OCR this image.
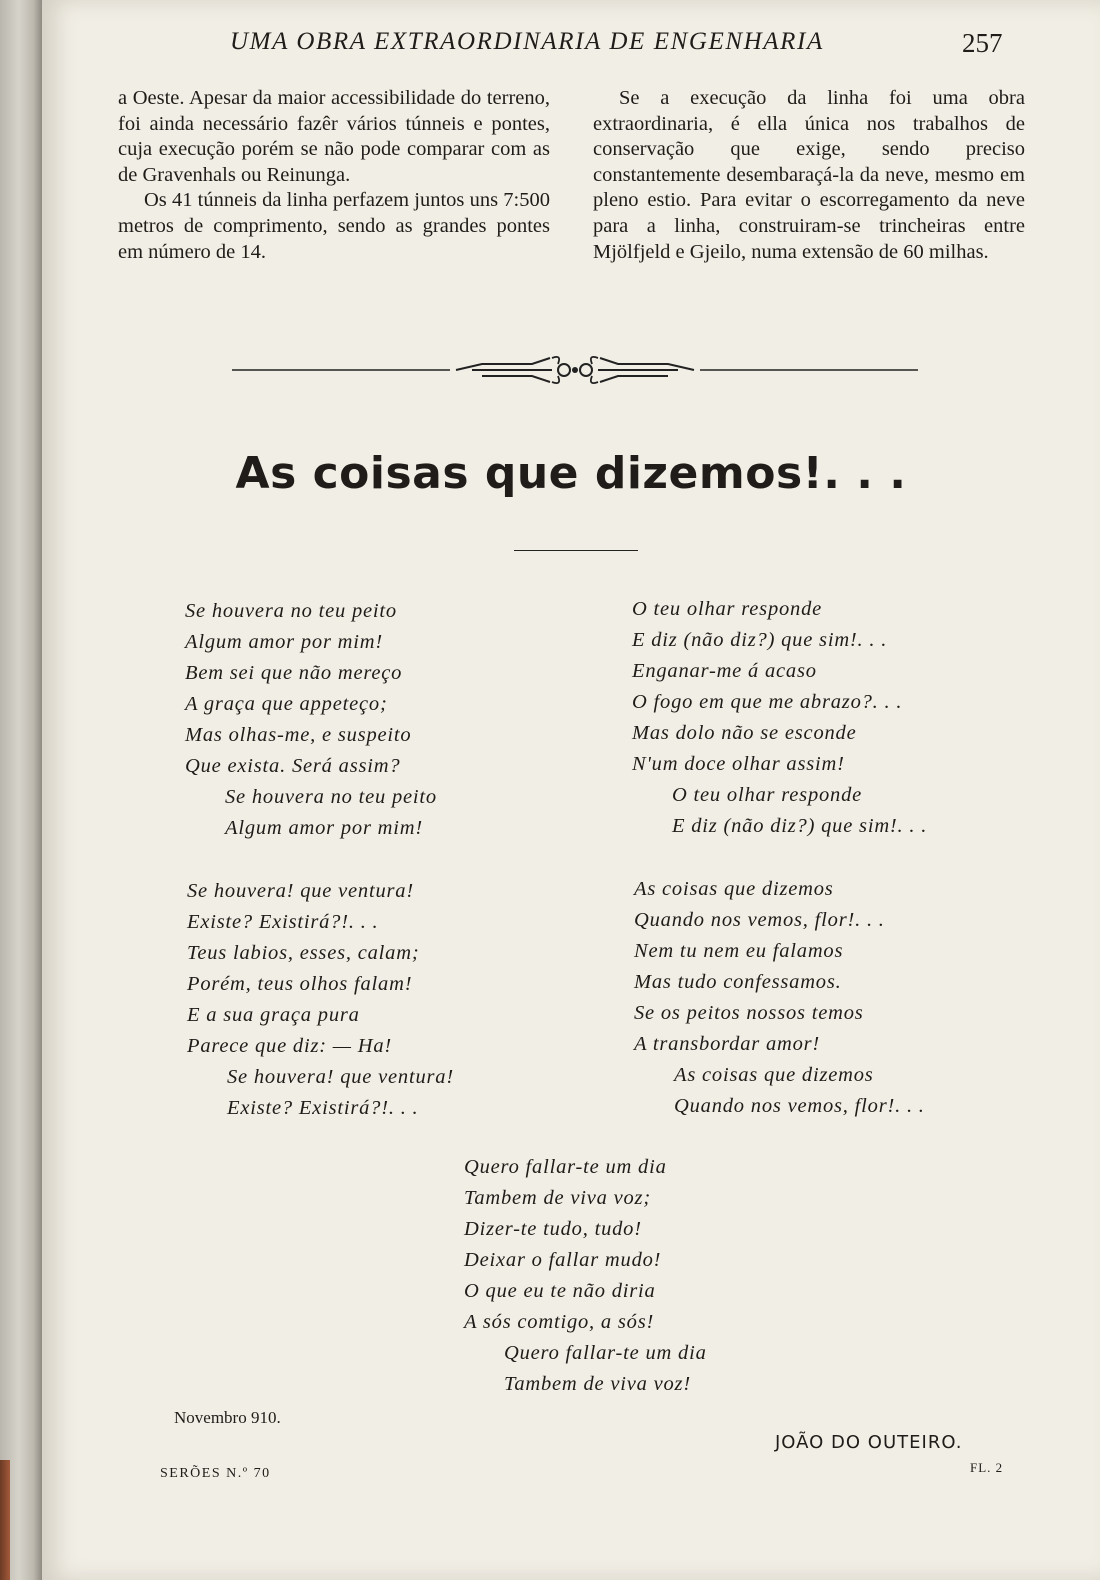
UMA OBRA EXTRAORDINARIA DE ENGENHARIA	257

a Oeste. Apesar da maior accessibilidade do terreno, foi ainda necessário fazêr vários túnneis e pontes, cuja execução porém se não pode comparar com as de Gravenhals ou Reinunga.

Os 41 túnneis da linha perfazem juntos uns 7:500 metros de comprimento, sendo as grandes pontes em número de 14.

Se a execução da linha foi uma obra extraordinaria, é ella única nos trabalhos de conservação que exige, sendo preciso constantemente desembaraçá-la da neve, mesmo em pleno estio. Para evitar o escorregamento da neve para a linha, construiram-se trincheiras entre Mjölfjeld e Gjeilo, numa extensão de 60 milhas.

As coisas que dizemos!. . .
Se houvera no teu peito
Algum amor por mim!
Bem sei que não mereço
A graça que appeteço;
Mas olhas-me, e suspeito
Que exista. Será assim?
Se houvera no teu peito
Algum amor por mim!
Se houvera! que ventura!
Existe? Existirá?!. . .
Teus labios, esses, calam;
Porém, teus olhos falam!
E a sua graça pura
Parece que diz: — Ha!
Se houvera! que ventura!
Existe? Existirá?!. . .
O teu olhar responde
E diz (não diz?) que sim!. . .
Enganar-me á acaso
O fogo em que me abrazo?. . .
Mas dolo não se esconde
N'um doce olhar assim!
O teu olhar responde
E diz (não diz?) que sim!. . .
As coisas que dizemos
Quando nos vemos, flor!. . .
Nem tu nem eu falamos
Mas tudo confessamos.
Se os peitos nossos temos
A transbordar amor!
As coisas que dizemos
Quando nos vemos, flor!. . .
Quero fallar-te um dia
Tambem de viva voz;
Dizer-te tudo, tudo!
Deixar o fallar mudo!
O que eu te não diria
A sós comtigo, a sós!
Quero fallar-te um dia
Tambem de viva voz!
Novembro 910.
JOÃO DO OUTEIRO.
SERÕES N.º 70	FL. 2
